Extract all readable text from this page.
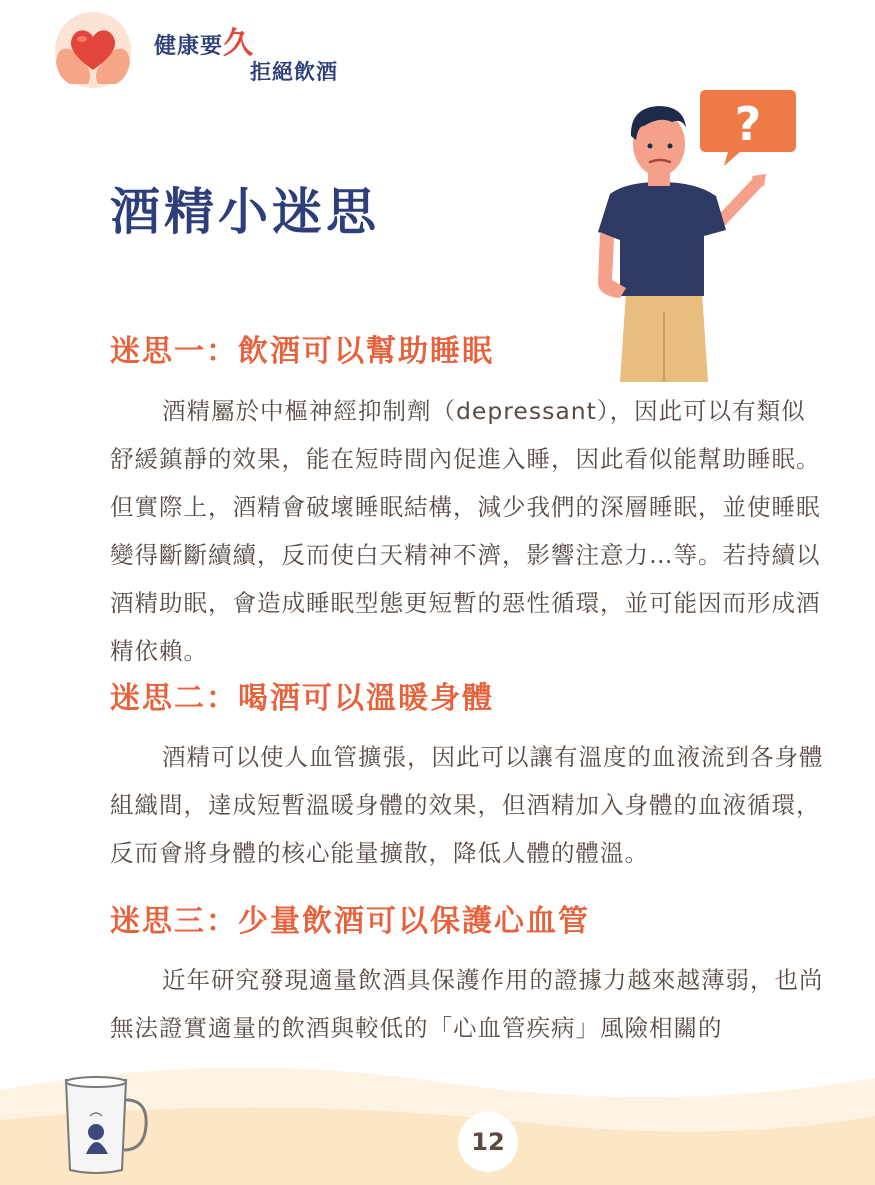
健康要久
拒絕飲酒
酒精小迷思
?
迷思一：飲酒可以幫助睡眠

酒精屬於中樞神經抑制劑（depressant），因此可以有類似舒緩鎮靜的效果，能在短時間內促進入睡，因此看似能幫助睡眠。但實際上，酒精會破壞睡眠結構，減少我們的深層睡眠，並使睡眠變得斷斷續續，反而使白天精神不濟，影響注意力…等。若持續以酒精助眠，會造成睡眠型態更短暫的惡性循環，並可能因而形成酒精依賴。

迷思二：喝酒可以溫暖身體

酒精可以使人血管擴張，因此可以讓有溫度的血液流到各身體組織間，達成短暫溫暖身體的效果，但酒精加入身體的血液循環，反而會將身體的核心能量擴散，降低人體的體溫。

迷思三：少量飲酒可以保護心血管

近年研究發現適量飲酒具保護作用的證據力越來越薄弱，也尚無法證實適量的飲酒與較低的「心血管疾病」風險相關的

12
